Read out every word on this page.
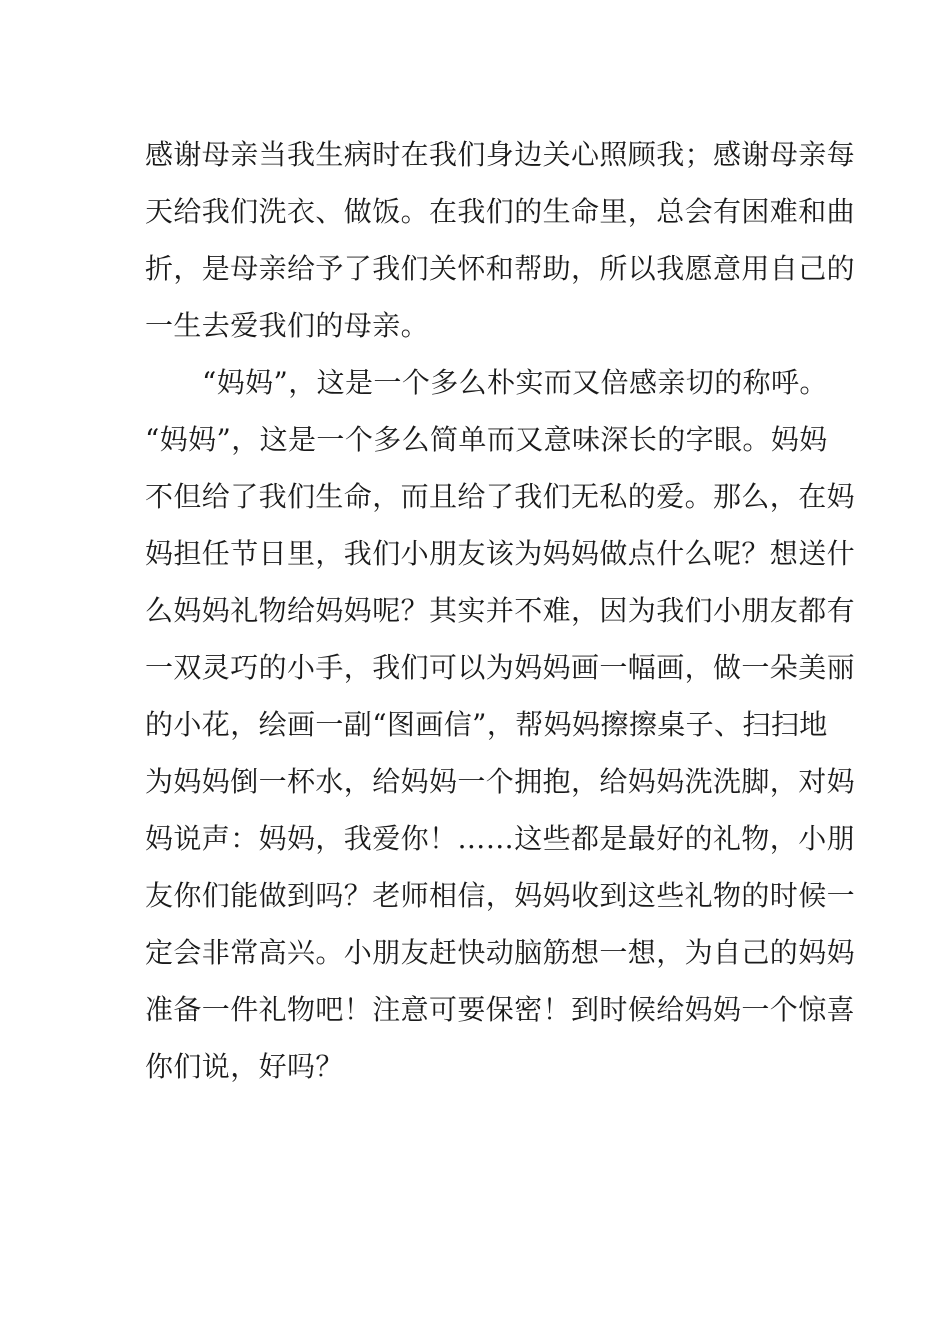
感谢母亲当我生病时在我们身边关心照顾我；感谢母亲每
天给我们洗衣、做饭。在我们的生命里，总会有困难和曲
折，是母亲给予了我们关怀和帮助，所以我愿意用自己的
一生去爱我们的母亲。
“妈妈”，这是一个多么朴实而又倍感亲切的称呼。
“妈妈”，这是一个多么简单而又意味深长的字眼。妈妈
不但给了我们生命，而且给了我们无私的爱。那么，在妈
妈担任节日里，我们小朋友该为妈妈做点什么呢？想送什
么妈妈礼物给妈妈呢？其实并不难，因为我们小朋友都有
一双灵巧的小手，我们可以为妈妈画一幅画，做一朵美丽
的小花，绘画一副“图画信”，帮妈妈擦擦桌子、扫扫地
为妈妈倒一杯水，给妈妈一个拥抱，给妈妈洗洗脚，对妈
妈说声：妈妈，我爱你！……这些都是最好的礼物，小朋
友你们能做到吗？老师相信，妈妈收到这些礼物的时候一
定会非常高兴。小朋友赶快动脑筋想一想，为自己的妈妈
准备一件礼物吧！注意可要保密！到时候给妈妈一个惊喜
你们说，好吗？
